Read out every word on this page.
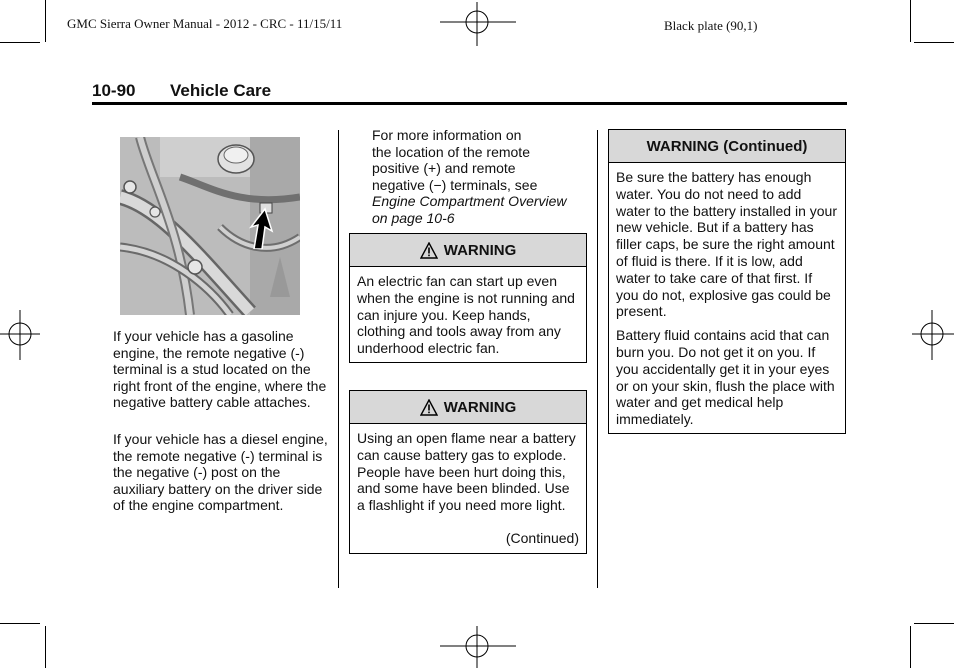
GMC Sierra Owner Manual - 2012 - CRC - 11/15/11	Black plate (90,1)
10-90 Vehicle Care
If your vehicle has a gasoline engine, the remote negative (-) terminal is a stud located on the right front of the engine, where the negative battery cable attaches.
If your vehicle has a diesel engine, the remote negative (-) terminal is the negative (-) post on the auxiliary battery on the driver side of the engine compartment.
For more information on
the location of the remote
positive (+) and remote
negative (−) terminals, see
Engine Compartment Overview
on page 10-6
WARNING
An electric fan can start up even when the engine is not running and can injure you. Keep hands, clothing and tools away from any underhood electric fan.
WARNING
Using an open flame near a battery can cause battery gas to explode. People have been hurt doing this, and some have been blinded. Use a flashlight if you need more light.
(Continued)
WARNING (Continued)

Be sure the battery has enough water. You do not need to add water to the battery installed in your new vehicle. But if a battery has filler caps, be sure the right amount of fluid is there. If it is low, add water to take care of that first. If you do not, explosive gas could be present.

Battery fluid contains acid that can burn you. Do not get it on you. If you accidentally get it in your eyes or on your skin, flush the place with water and get medical help immediately.
